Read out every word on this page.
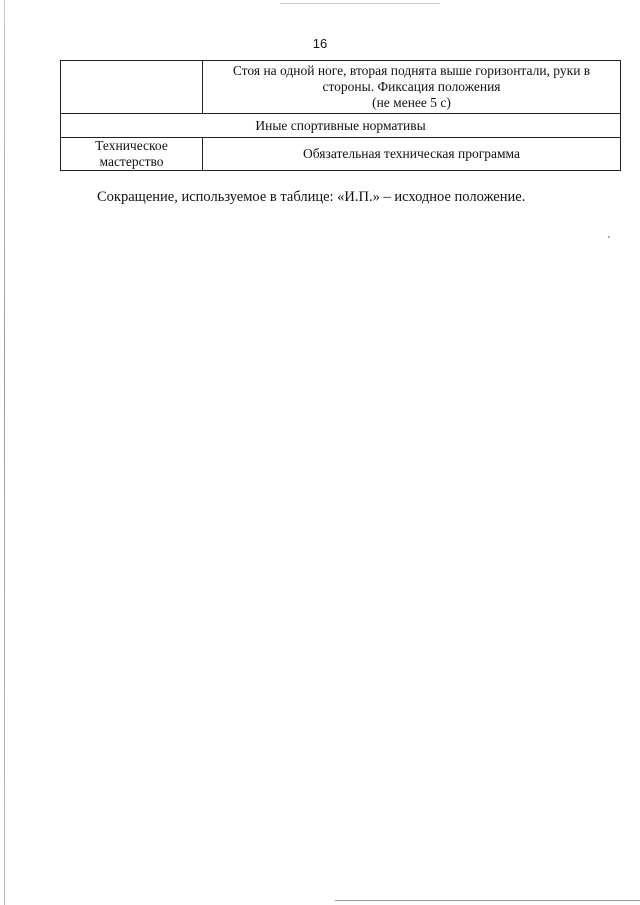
16

	Стоя на одной ноге, вторая поднята выше горизонтали, руки в
стороны. Фиксация положения
(не менее 5 с)

Иные спортивные нормативы	

Техническое
мастерство	Обязательная техническая программа
Сокращение, используемое в таблице: «И.П.» – исходное положение.
